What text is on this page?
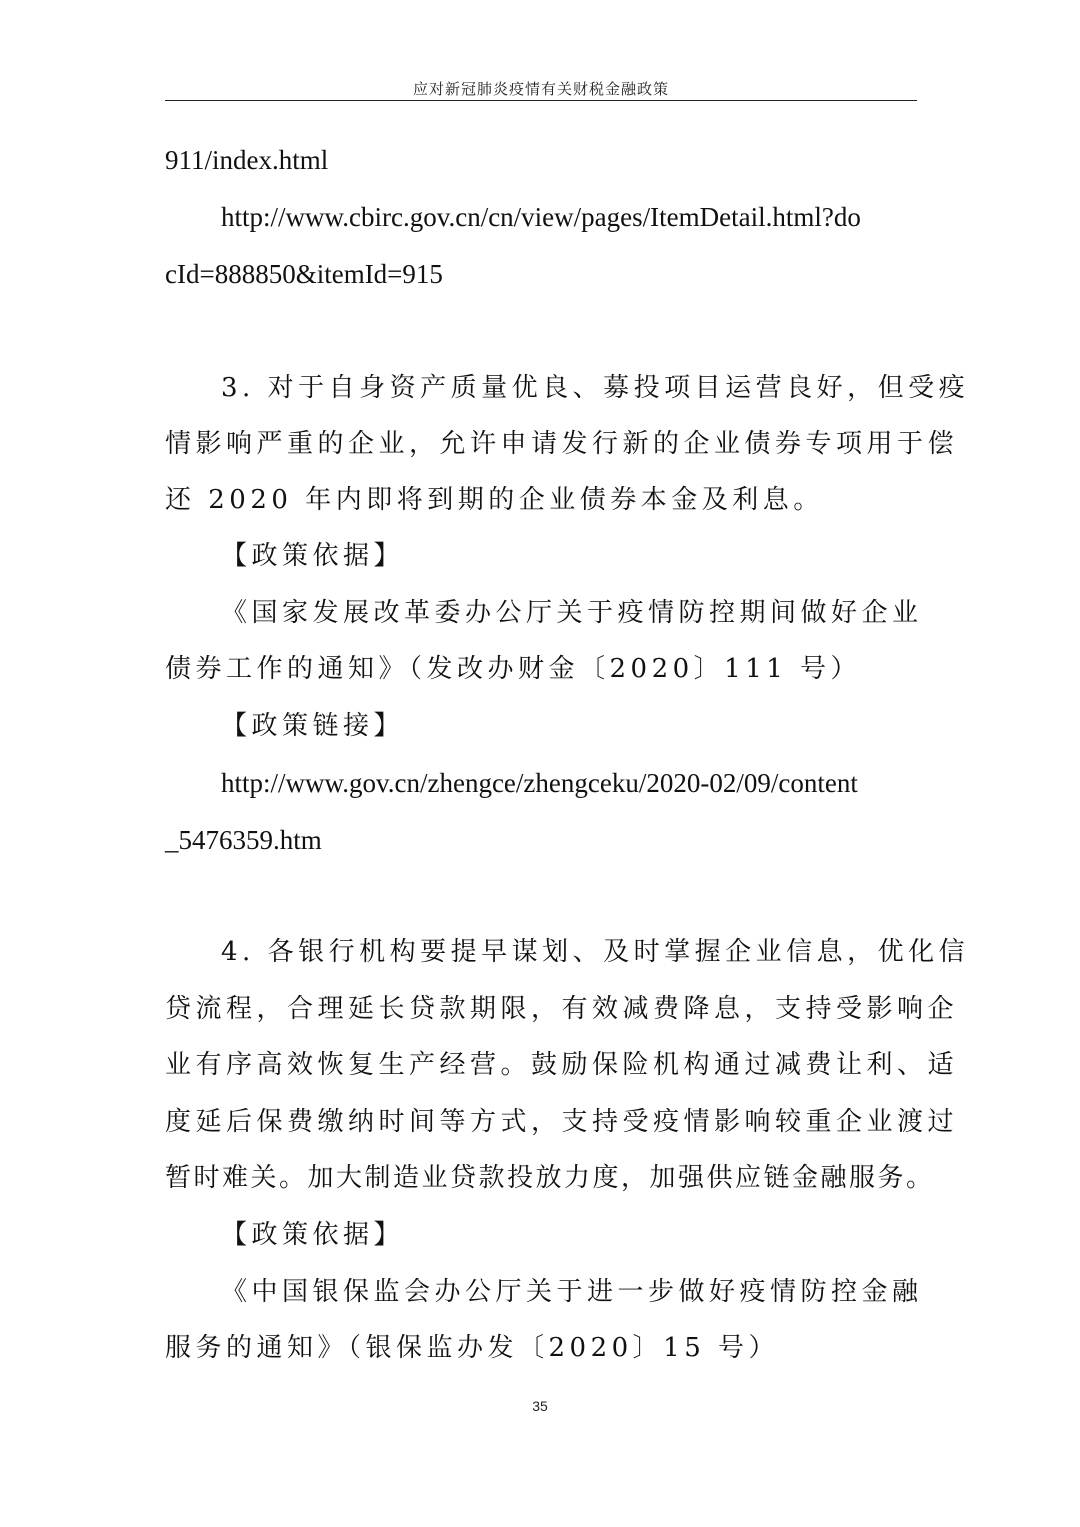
应对新冠肺炎疫情有关财税金融政策
911/index.html
http://www.cbirc.gov.cn/cn/view/pages/ItemDetail.html?do
cId=888850&itemId=915
3. 对于自身资产质量优良、募投项目运营良好，但受疫
情影响严重的企业，允许申请发行新的企业债券专项用于偿
还 2020 年内即将到期的企业债券本金及利息。
【政策依据】
《国家发展改革委办公厅关于疫情防控期间做好企业
债券工作的通知》（发改办财金〔2020〕111 号）
【政策链接】
http://www.gov.cn/zhengce/zhengceku/2020-02/09/content
_5476359.htm
4. 各银行机构要提早谋划、及时掌握企业信息，优化信
贷流程，合理延长贷款期限，有效减费降息，支持受影响企
业有序高效恢复生产经营。鼓励保险机构通过减费让利、适
度延后保费缴纳时间等方式，支持受疫情影响较重企业渡过
暂时难关。加大制造业贷款投放力度，加强供应链金融服务。
【政策依据】
《中国银保监会办公厅关于进一步做好疫情防控金融
服务的通知》（银保监办发〔2020〕15 号）
35
